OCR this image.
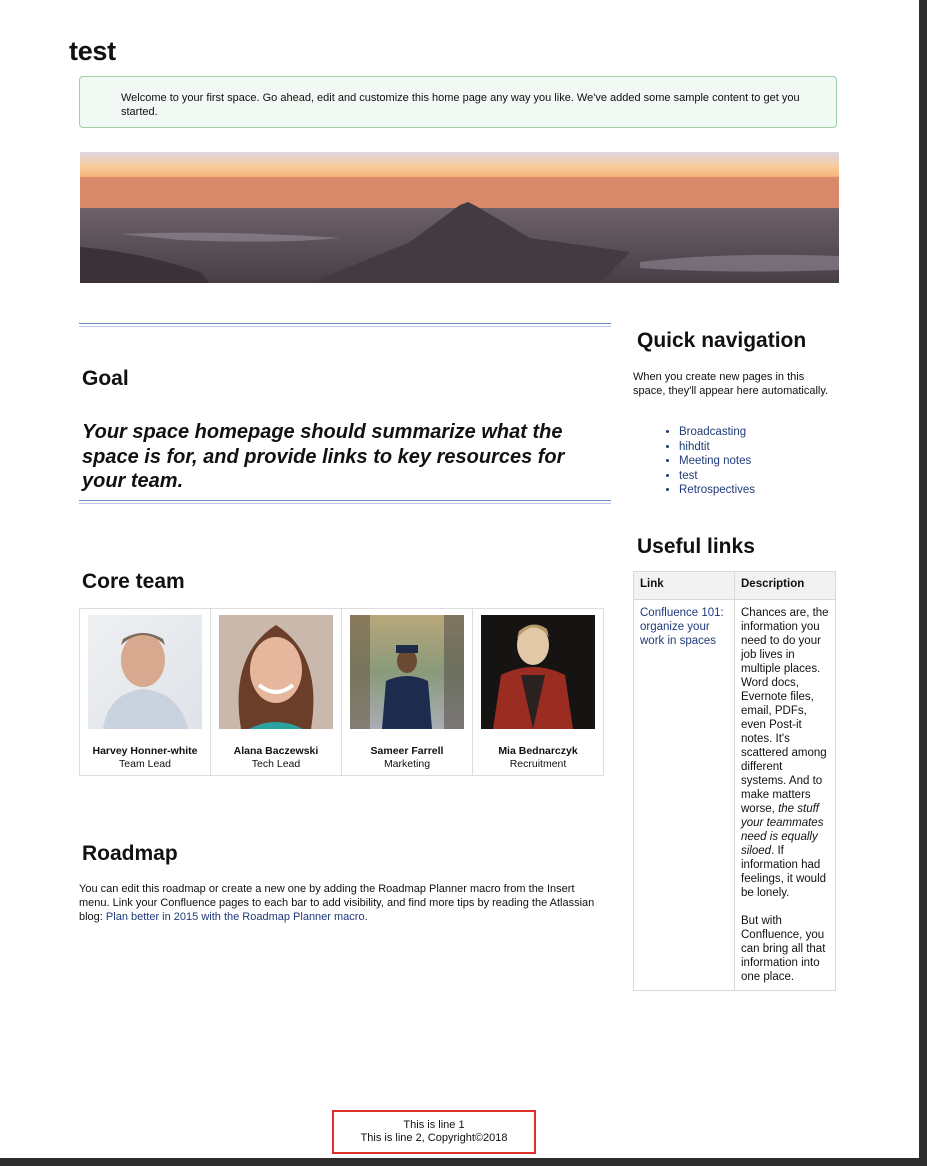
test

Welcome to your first space. Go ahead, edit and customize this home page any way you like. We've added some sample content to get you started.

Goal

Your space homepage should summarize what the space is for, and provide links to key resources for your team.

Core team
Harvey Honner-white
Team Lead

Alana Baczewski
Tech Lead

Sameer Farrell
Marketing

Mia Bednarczyk
Recruitment
Roadmap

You can edit this roadmap or create a new one by adding the Roadmap Planner macro from the Insert menu. Link your Confluence pages to each bar to add visibility, and find more tips by reading the Atlassian blog: Plan better in 2015 with the Roadmap Planner macro.

Quick navigation

When you create new pages in this space, they'll appear here automatically.

• Broadcasting
• hihdtit
• Meeting notes
• test
• Retrospectives
Useful links
Link	Description
Confluence 101: organize your work in spaces	Chances are, the information you need to do your job lives in multiple places. Word docs, Evernote files, email, PDFs, even Post-it notes. It's scattered among different systems. And to make matters worse, the stuff your teammates need is equally siloed. If information had feelings, it would be lonely.

But with Confluence, you can bring all that information into one place.
This is line 1
This is line 2, Copyright©2018
